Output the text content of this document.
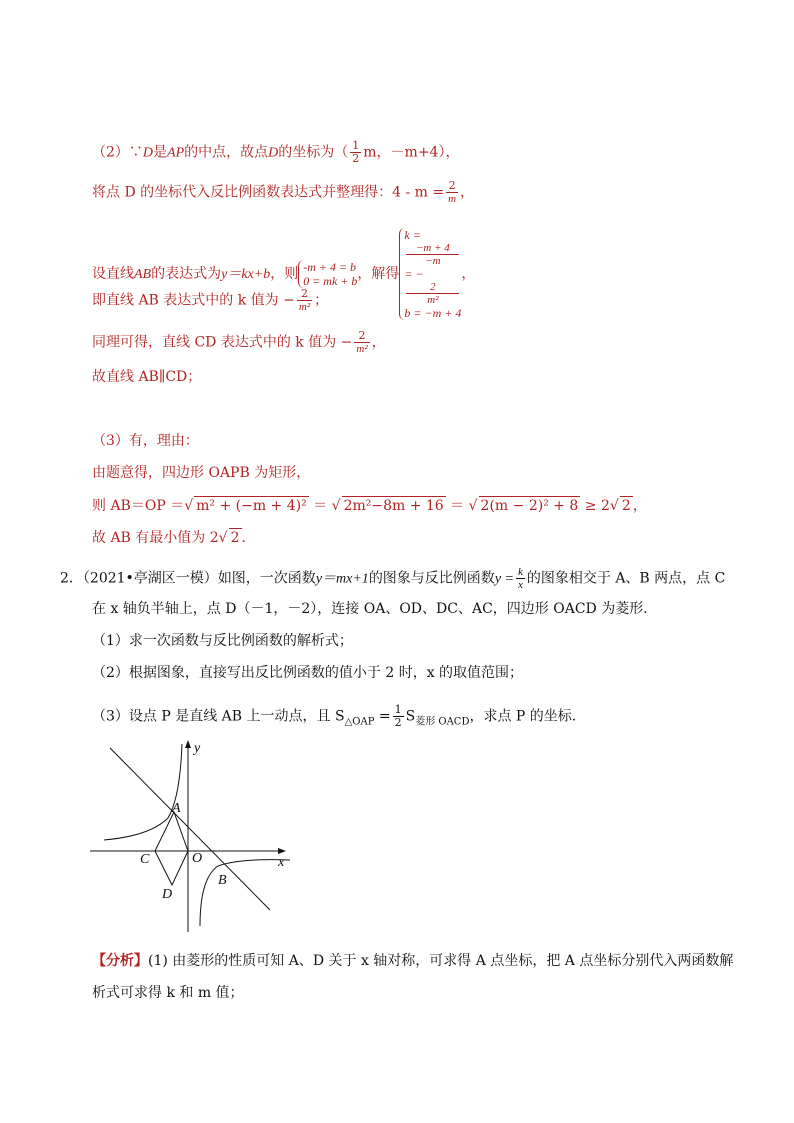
（2）∵D是AP的中点，故点D的坐标为（ $\frac{1}{2}$ m，－m+4），
将点 D 的坐标代入反比例函数表达式并整理得：$4 - m = \frac{2}{m}$ ，
设直线AB的表达式为y＝kx+b，则 -m + 4 = b
0 = mk + b ，解得
k =
−m + 4
−m
= −
2
m²
b = −m + 4
，
即直线 AB 表达式中的 k 值为 − $\frac{2}{\text{m²}}$ ；
同理可得，直线 CD 表达式中的 k 值为 − $\frac{2}{\text{m²}}$ ，
故直线 AB∥CD；
（3）有，理由：
由题意得，四边形 OAPB 为矩形，
则 AB＝OP ＝√ m² + (−m + 4)² ＝ √ 2m²−8m + 16 ＝ √ 2(m − 2)² + 8 ≥ 2√ 2 ，
故 AB 有最小值为 2√ 2 ．
2．（2021•亭湖区一模）如图，一次函数y＝mx+1的图象与反比例函数$y = \frac{k}{x}$ 的图象相交于 A、B 两点，点 C
在 x 轴负半轴上，点 D（－1，－2），连接 OA、OD、DC、AC，四边形 OACD 为菱形．
（1）求一次函数与反比例函数的解析式；
（2）根据图象，直接写出反比例函数的值小于 2 时，x 的取值范围；
（3）设点 P 是直线 AB 上一动点，且 $S_{\triangle OAP} = \frac{1}{2} S_{菱形 OACD}$，求点 P 的坐标．
y
x
A
B
C
D
O
【分析】(1) 由菱形的性质可知 A、D 关于 x 轴对称，可求得 A 点坐标，把 A 点坐标分别代入两函数解
析式可求得 k 和 m 值；
